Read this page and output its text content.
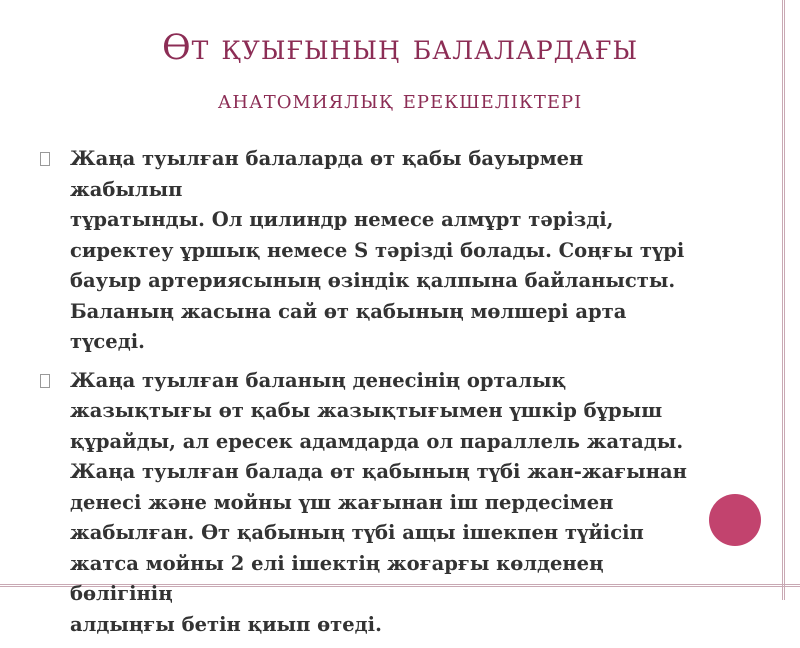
Өт қуығының балалардағы
анатомиялық ерекшеліктері
Жаңа туылған балаларда өт қабы бауырмен жабылып
тұратынды. Ол цилиндр немесе алмұрт тәрізді,
сиректеу ұршық немесе S тәрізді болады. Соңғы түрі
бауыр артериясының өзіндік қалпына байланысты.
Баланың жасына сай өт қабының мөлшері арта
түседі.
Жаңа туылған баланың денесінің орталық
жазықтығы өт қабы жазықтығымен үшкір бұрыш
құрайды, ал ересек адамдарда ол параллель жатады.
Жаңа туылған балада өт қабының түбі жан-жағынан
денесі және мойны үш жағынан іш пердесімен
жабылған. Өт қабының түбі ащы ішекпен түйісіп
жатса мойны 2 елі ішектің жоғарғы көлденең бөлігінің
алдыңғы бетін қиып өтеді.
